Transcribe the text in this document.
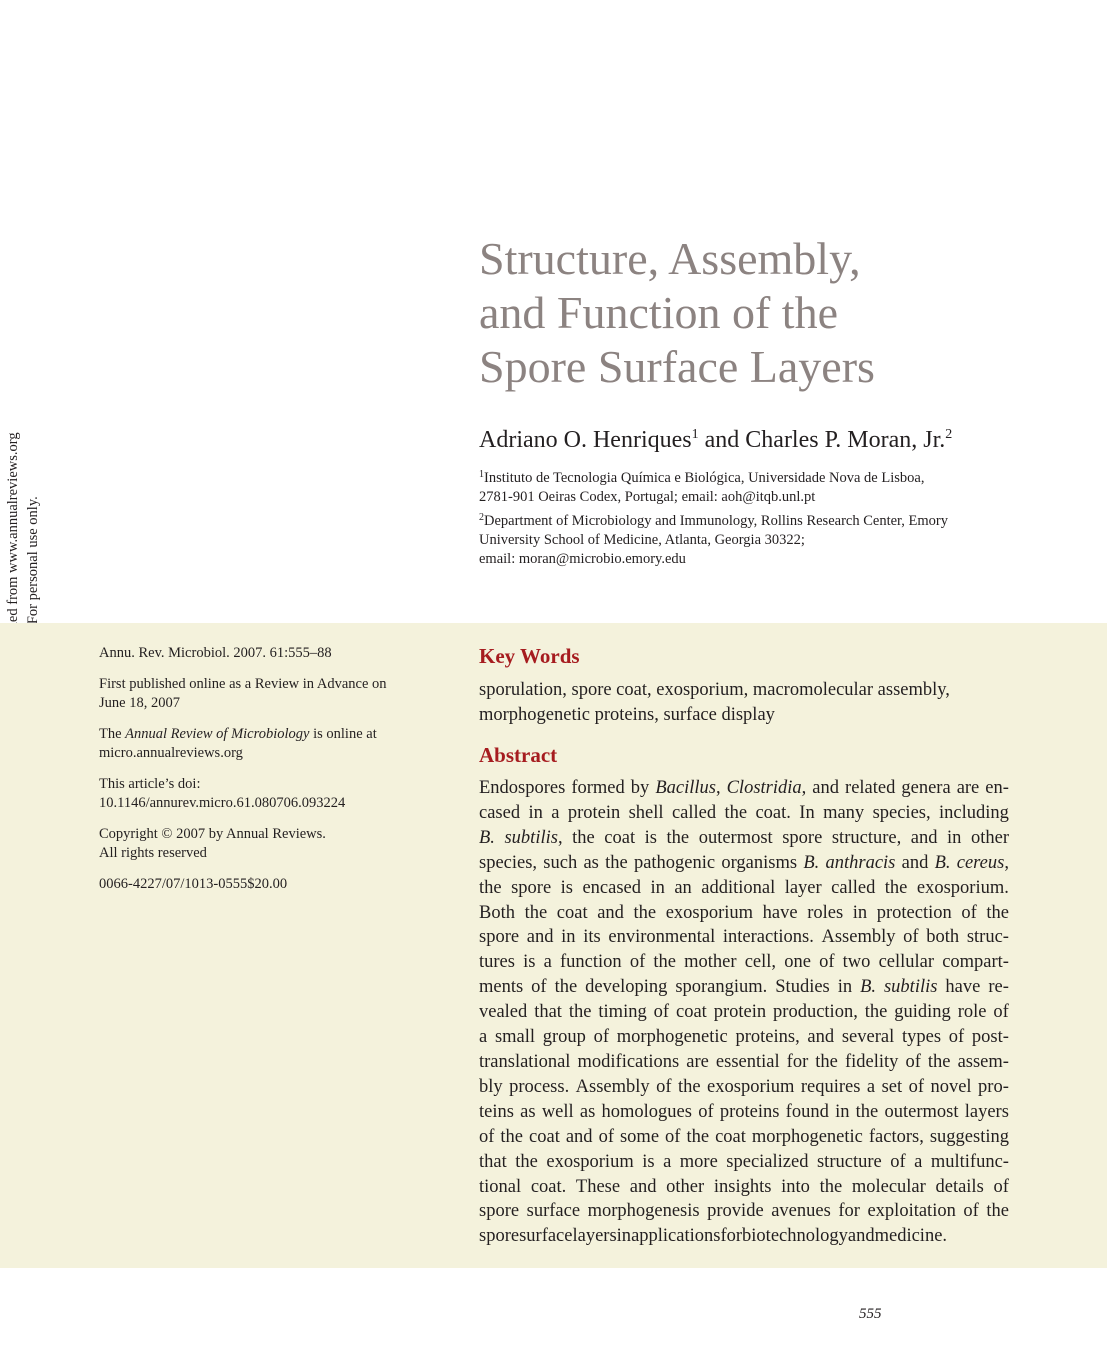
Structure, Assembly,
and Function of the
Spore Surface Layers

Adriano O. Henriques$^1$ and Charles P. Moran, Jr.$^2$

$^1$Instituto de Tecnologia Química e Biológica, Universidade Nova de Lisboa,
2781-901 Oeiras Codex, Portugal; email: aoh@itqb.unl.pt
$^2$Department of Microbiology and Immunology, Rollins Research Center, Emory
University School of Medicine, Atlanta, Georgia 30322;
email: moran@microbio.emory.edu

Annu. Rev. Microbiol. 2007. 61:555–88

First published online as a Review in Advance on
June 18, 2007

The Annual Review of Microbiology is online at
micro.annualreviews.org

This article’s doi:
10.1146/annurev.micro.61.080706.093224

Copyright © 2007 by Annual Reviews.
All rights reserved

0066-4227/07/1013-0555$20.00

Key Words
sporulation, spore coat, exosporium, macromolecular assembly,
morphogenetic proteins, surface display
Abstract
Endospores formed by Bacillus, Clostridia, and related genera are en-
cased in a protein shell called the coat. In many species, including
B. subtilis, the coat is the outermost spore structure, and in other
species, such as the pathogenic organisms B. anthracis and B. cereus,
the spore is encased in an additional layer called the exosporium.
Both the coat and the exosporium have roles in protection of the
spore and in its environmental interactions. Assembly of both struc-
tures is a function of the mother cell, one of two cellular compart-
ments of the developing sporangium. Studies in B. subtilis have re-
vealed that the timing of coat protein production, the guiding role of
a small group of morphogenetic proteins, and several types of post-
translational modifications are essential for the fidelity of the assem-
bly process. Assembly of the exosporium requires a set of novel pro-
teins as well as homologues of proteins found in the outermost layers
of the coat and of some of the coat morphogenetic factors, suggesting
that the exosporium is a more specialized structure of a multifunc-
tional coat. These and other insights into the molecular details of
spore surface morphogenesis provide avenues for exploitation of the
spore surface layers in applications for biotechnology and medicine.
555
